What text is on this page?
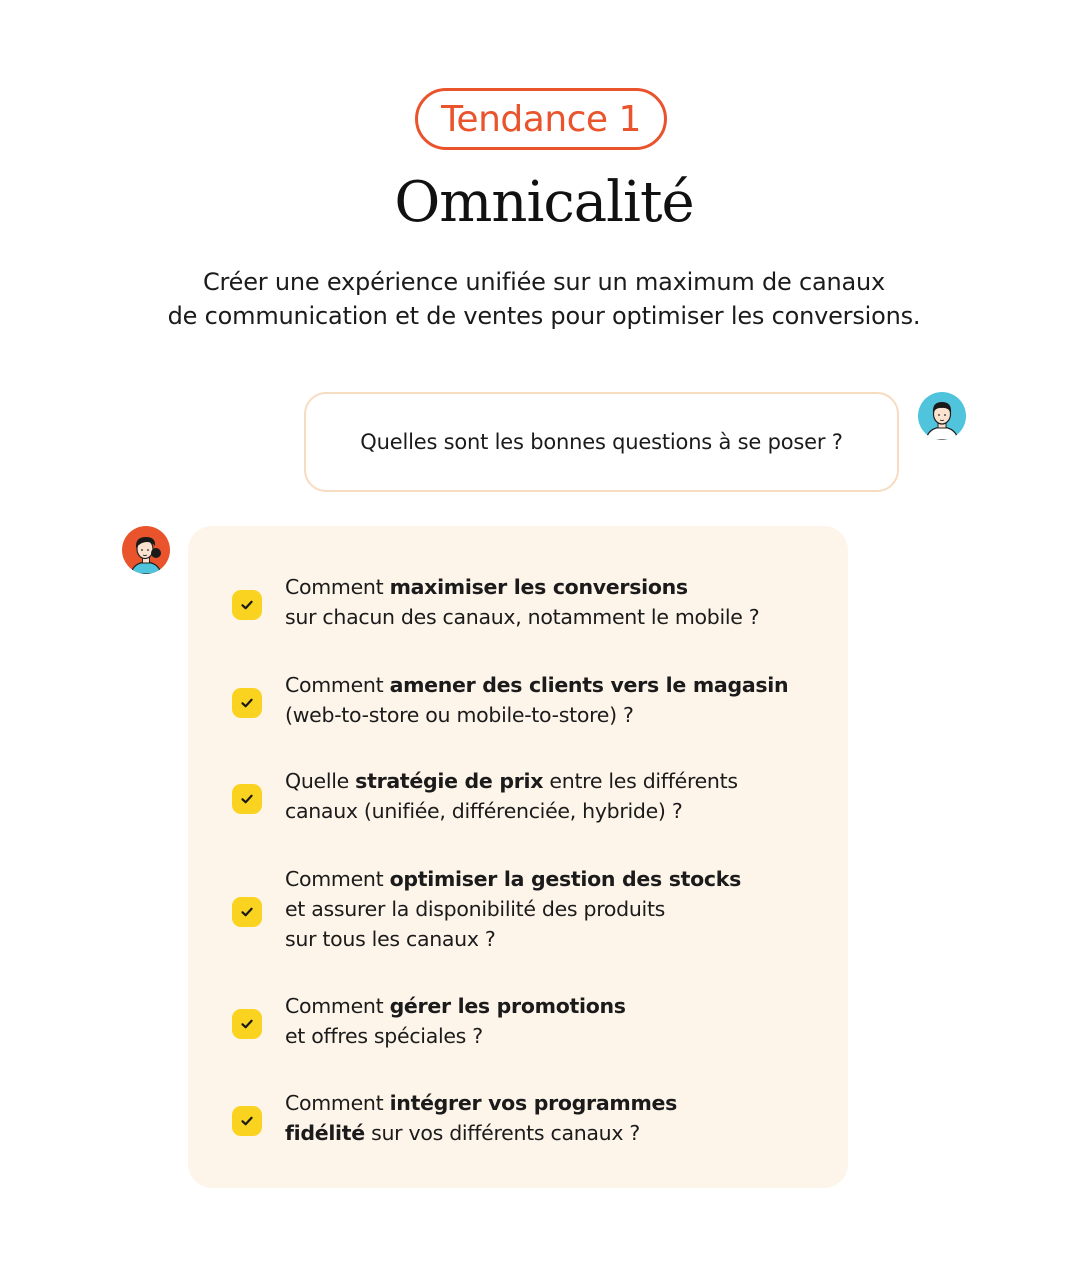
Tendance 1
Omnicalité
Créer une expérience unifiée sur un maximum de canaux
de communication et de ventes pour optimiser les conversions.
Quelles sont les bonnes questions à se poser ?
Comment maximiser les conversions
sur chacun des canaux, notamment le mobile ?
Comment amener des clients vers le magasin
(web-to-store ou mobile-to-store) ?
Quelle stratégie de prix entre les différents
canaux (unifiée, différenciée, hybride) ?
Comment optimiser la gestion des stocks
et assurer la disponibilité des produits
sur tous les canaux ?
Comment gérer les promotions
et offres spéciales ?
Comment intégrer vos programmes
fidélité sur vos différents canaux ?
